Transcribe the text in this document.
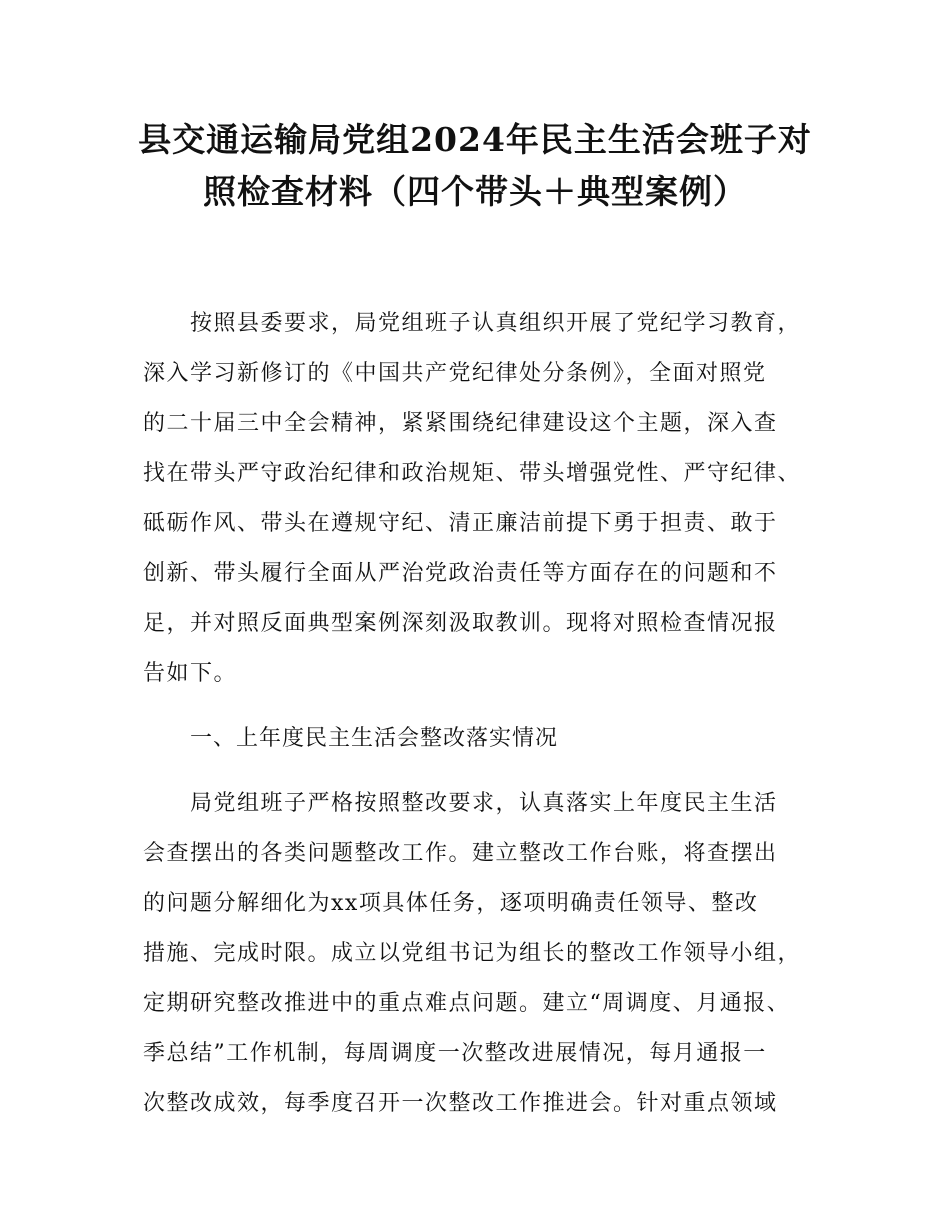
县交通运输局党组2024年民主生活会班子对
照检查材料（四个带头＋典型案例）
按照县委要求，局党组班子认真组织开展了党纪学习教育，
深入学习新修订的《中国共产党纪律处分条例》，全面对照党
的二十届三中全会精神，紧紧围绕纪律建设这个主题，深入查
找在带头严守政治纪律和政治规矩、带头增强党性、严守纪律、
砥砺作风、带头在遵规守纪、清正廉洁前提下勇于担责、敢于
创新、带头履行全面从严治党政治责任等方面存在的问题和不
足，并对照反面典型案例深刻汲取教训。现将对照检查情况报
告如下。
一、上年度民主生活会整改落实情况
局党组班子严格按照整改要求，认真落实上年度民主生活
会查摆出的各类问题整改工作。建立整改工作台账，将查摆出
的问题分解细化为xx项具体任务，逐项明确责任领导、整改
措施、完成时限。成立以党组书记为组长的整改工作领导小组，
定期研究整改推进中的重点难点问题。建立“周调度、月通报、
季总结”工作机制，每周调度一次整改进展情况，每月通报一
次整改成效，每季度召开一次整改工作推进会。针对重点领域
